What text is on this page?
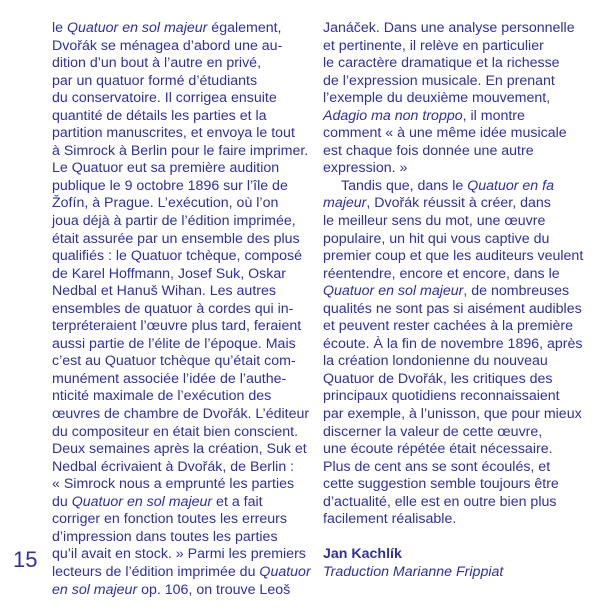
le Quatuor en sol majeur également,
Dvořák se ménagea d’abord une au-
dition d’un bout à l’autre en privé,
par un quatuor formé d’étudiants
du conservatoire. Il corrigea ensuite
quantité de détails les parties et la
partition manuscrites, et envoya le tout
à Simrock à Berlin pour le faire imprimer.
Le Quatuor eut sa première audition
publique le 9 octobre 1896 sur l’île de
Žofín, à Prague. L’exécution, où l’on
joua déjà à partir de l’édition imprimée,
était assurée par un ensemble des plus
qualifiés : le Quatuor tchèque, composé
de Karel Hoffmann, Josef Suk, Oskar
Nedbal et Hanuš Wihan. Les autres
ensembles de quatuor à cordes qui in-
terpréteraient l’œuvre plus tard, feraient
aussi partie de l’élite de l’époque. Mais
c’est au Quatuor tchèque qu’était com-
munément associée l’idée de l’authe-
nticité maximale de l’exécution des
œuvres de chambre de Dvořák. L’éditeur
du compositeur en était bien conscient.
Deux semaines après la création, Suk et
Nedbal écrivaient à Dvořák, de Berlin :
« Simrock nous a emprunté les parties
du Quatuor en sol majeur et a fait
corriger en fonction toutes les erreurs
d’impression dans toutes les parties
qu’il avait en stock. » Parmi les premiers
lecteurs de l’édition imprimée du Quatuor
en sol majeur op. 106, on trouve Leoš
Janáček. Dans une analyse personnelle
et pertinente, il relève en particulier
le caractère dramatique et la richesse
de l’expression musicale. En prenant
l’exemple du deuxième mouvement,
Adagio ma non troppo, il montre
comment « à une même idée musicale
est chaque fois donnée une autre
expression. »
Tandis que, dans le Quatuor en fa
majeur, Dvořák réussit à créer, dans
le meilleur sens du mot, une œuvre
populaire, un hit qui vous captive du
premier coup et que les auditeurs veulent
réentendre, encore et encore, dans le
Quatuor en sol majeur, de nombreuses
qualités ne sont pas si aisément audibles
et peuvent rester cachées à la première
écoute. À la fin de novembre 1896, après
la création londonienne du nouveau
Quatuor de Dvořák, les critiques des
principaux quotidiens reconnaissaient
par exemple, à l’unisson, que pour mieux
discerner la valeur de cette œuvre,
une écoute répétée était nécessaire.
Plus de cent ans se sont écoulés, et
cette suggestion semble toujours être
d’actualité, elle est en outre bien plus
facilement réalisable.
Jan Kachlík
Traduction Marianne Frippiat
15
